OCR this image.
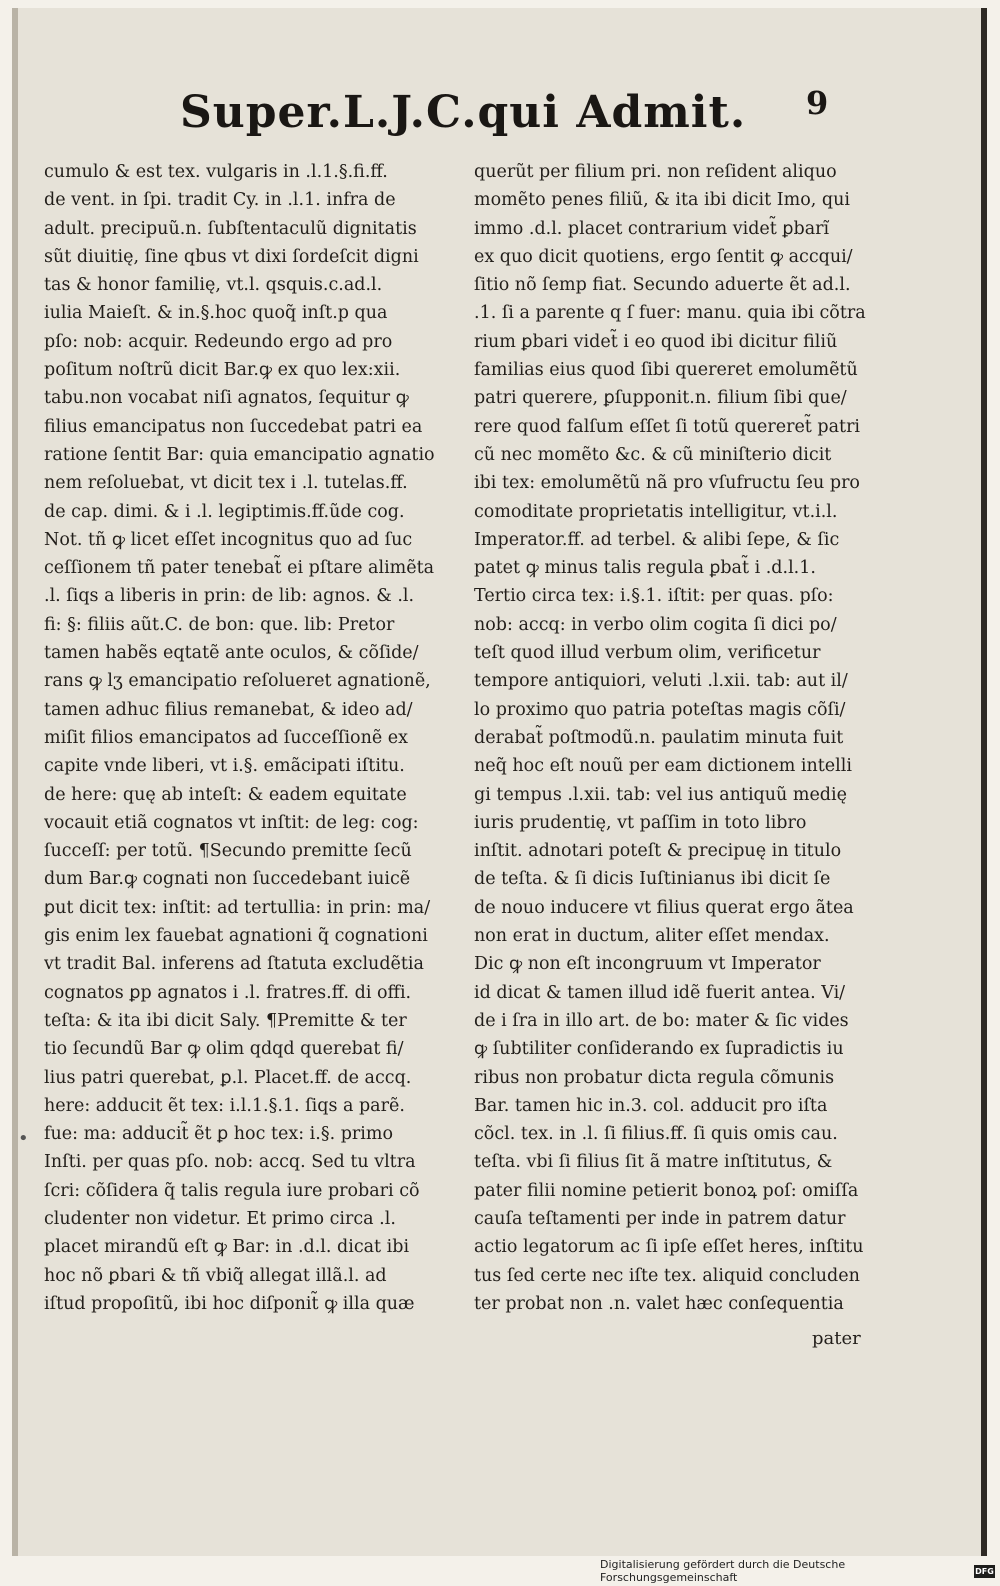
Super.L.J.C.qui Admit.	9
cumulo & est tex. vulgaris in .l.1.§.fi.ff.
de vent. in ſpi. tradit Cy. in .l.1. infra de
adult. precipuũ.n. ſubſtentaculũ dignitatis
sũt diuitię, ſine qbus vt dixi ſordeſcit digni
tas & honor familię, vt.l. qsquis.c.ad.l.
iulia Maieſt. & in.§.hoc quoq̃ inſt.p qua
pſo: nob: acquir. Redeundo ergo ad pro
poſitum noſtrũ dicit Bar.ꝙ ex quo lex:xii.
tabu.non vocabat niſi agnatos, ſequitur ꝙ
filius emancipatus non ſuccedebat patri ea
ratione ſentit Bar: quia emancipatio agnatio
nem reſoluebat, vt dicit tex i .l. tutelas.ff.
de cap. dimi. & i .l. legiptimis.ff.ũde cog.
Not. tñ ꝙ licet eſſet incognitus quo ad ſuc
ceſſionem tñ pater tenebat̃ ei pſtare alimẽta
.l. ſiqs a liberis in prin: de lib: agnos. & .l.
fi: §: filiis aũt.C. de bon: que. lib: Pretor
tamen habẽs eqtatẽ ante oculos, & cõſide/
rans ꝙ lʒ emancipatio reſolueret agnationẽ,
tamen adhuc filius remanebat, & ideo ad/
miſit filios emancipatos ad ſucceſſionẽ ex
capite vnde liberi, vt i.§. emãcipati iſtitu.
de here: quę ab inteſt: & eadem equitate
vocauit etiã cognatos vt inſtit: de leg: cog:
ſucceſſ: per totũ. ¶Secundo premitte ſecũ
dum Bar.ꝙ cognati non ſuccedebant iuicẽ
ꝑut dicit tex: inſtit: ad tertullia: in prin: ma/
gis enim lex fauebat agnationi q̃ cognationi
vt tradit Bal. inferens ad ſtatuta excludẽtia
cognatos ꝑp agnatos i .l. fratres.ff. di offi.
teſta: & ita ibi dicit Saly. ¶Premitte & ter
tio ſecundũ Bar ꝙ olim qdqd querebat fi/
lius patri querebat, ꝑ.l. Placet.ff. de accq.
here: adducit ẽt tex: i.l.1.§.1. ſiqs a parẽ.
fue: ma: adducit̃ ẽt ꝑ hoc tex: i.§. primo
Inſti. per quas pſo. nob: accq. Sed tu vltra
ſcri: cõſidera q̃ talis regula iure probari cõ
cludenter non videtur. Et primo circa .l.
placet mirandũ eſt ꝙ Bar: in .d.l. dicat ibi
hoc nõ ꝑbari & tñ vbiq̃ allegat illã.l. ad
iſtud propoſitũ, ibi hoc diſponit̃ ꝙ illa quæ
querũt per filium pri. non reſident aliquo
momẽto penes filiũ, & ita ibi dicit Imo, qui
immo .d.l. placet contrarium videt̃ ꝑbarĩ
ex quo dicit quotiens, ergo ſentit ꝙ accqui/
ſitio nõ ſemp fiat. Secundo aduerte ẽt ad.l.
.1. ſi a parente q ſ fuer: manu. quia ibi cõtra
rium ꝑbari videt̃ i eo quod ibi dicitur filiũ
familias eius quod ſibi quereret emolumẽtũ
patri querere, ꝑſupponit.n. filium ſibi que/
rere quod falſum eſſet ſi totũ quereret̃ patri
cũ nec momẽto &c. & cũ miniſterio dicit
ibi tex: emolumẽtũ nã pro vſufructu ſeu pro
comoditate proprietatis intelligitur, vt.i.l.
Imperator.ff. ad terbel. & alibi ſepe, & ſic
patet ꝙ minus talis regula ꝑbat̃ i .d.l.1.
Tertio circa tex: i.§.1. iſtit: per quas. pſo:
nob: accq: in verbo olim cogita ſi dici po/
teſt quod illud verbum olim, verificetur
tempore antiquiori, veluti .l.xii. tab: aut il/
lo proximo quo patria poteſtas magis cõſi/
derabat̃ poſtmodũ.n. paulatim minuta fuit
neq̃ hoc eſt nouũ per eam dictionem intelli
gi tempus .l.xii. tab: vel ius antiquũ medię
iuris prudentię, vt paſſim in toto libro
inſtit. adnotari poteſt & precipuę in titulo
de teſta. & ſi dicis Iuſtinianus ibi dicit ſe
de nouo inducere vt filius querat ergo ãtea
non erat in ductum, aliter eſſet mendax.
Dic ꝙ non eſt incongruum vt Imperator
id dicat & tamen illud idẽ fuerit antea. Vi/
de i ſra in illo art. de bo: mater & ſic vides
ꝙ ſubtiliter conſiderando ex ſupradictis iu
ribus non probatur dicta regula cõmunis
Bar. tamen hic in.3. col. adducit pro iſta
cõcl. tex. in .l. ſi filius.ff. ſi quis omis cau.
teſta. vbi ſi filius ſit ã matre inſtitutus, &
pater filii nomine petierit bonoꝝ poſ: omiſſa
cauſa teſtamenti per inde in patrem datur
actio legatorum ac ſi ipſe eſſet heres, inſtitu
tus ſed certe nec iſte tex. aliquid concluden
ter probat non .n. valet hæc conſequentia
pater
•
Digitalisierung gefördert durch die Deutsche Forschungsgemeinschaft	DFG
